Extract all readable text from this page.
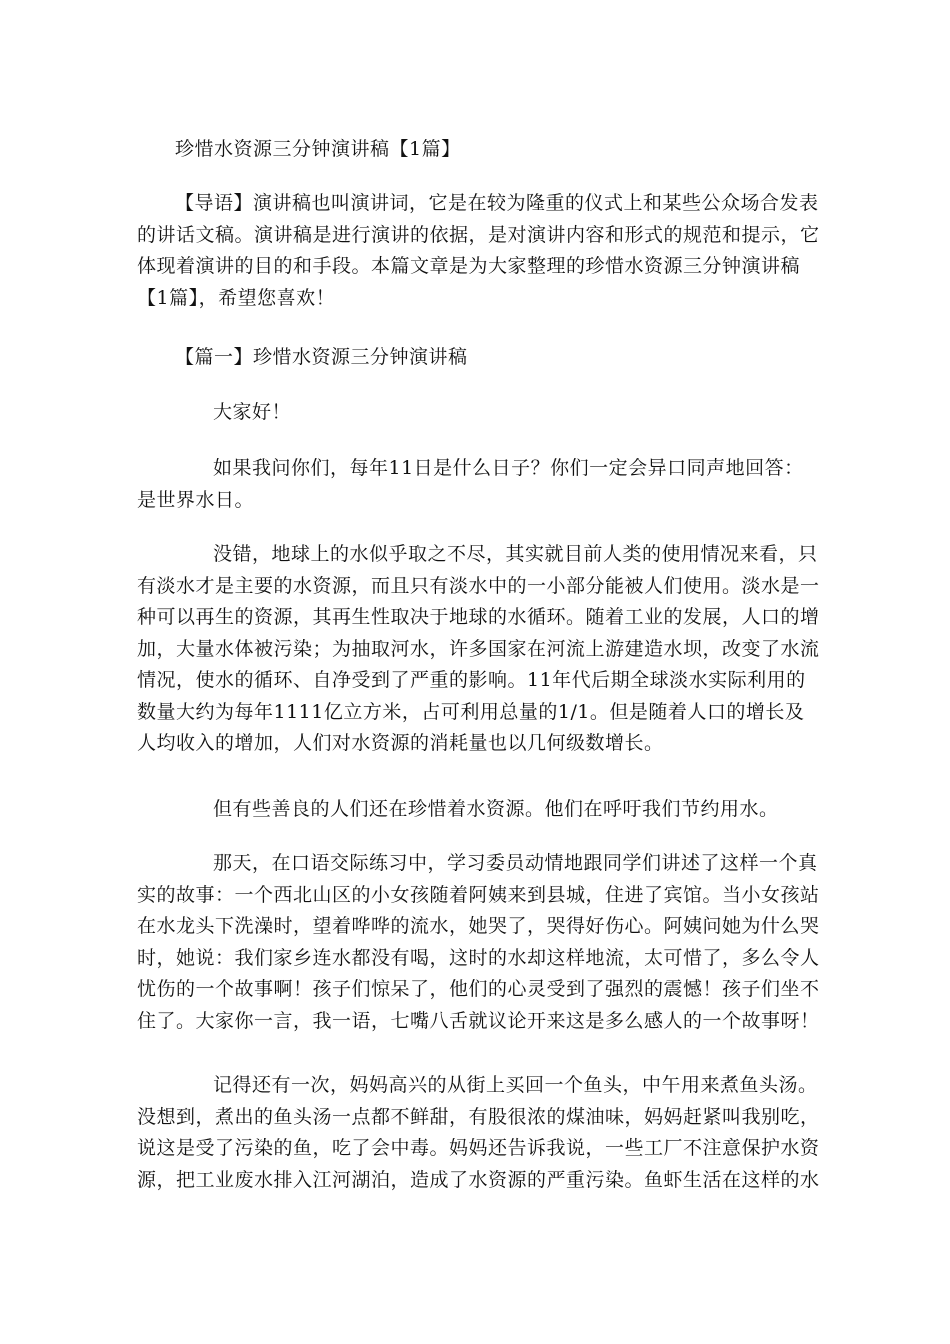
珍惜水资源三分钟演讲稿【1篇】

【导语】演讲稿也叫演讲词，它是在较为隆重的仪式上和某些公众场合发表的讲话文稿。演讲稿是进行演讲的依据，是对演讲内容和形式的规范和提示，它体现着演讲的目的和手段。本篇文章是为大家整理的珍惜水资源三分钟演讲稿【1篇】，希望您喜欢！

【篇一】珍惜水资源三分钟演讲稿
大家好！

如果我问你们，每年11日是什么日子？你们一定会异口同声地回答：是世界水日。

没错，地球上的水似乎取之不尽，其实就目前人类的使用情况来看，只有淡水才是主要的水资源，而且只有淡水中的一小部分能被人们使用。淡水是一种可以再生的资源，其再生性取决于地球的水循环。随着工业的发展，人口的增加，大量水体被污染；为抽取河水，许多国家在河流上游建造水坝，改变了水流情况，使水的循环、自净受到了严重的影响。11年代后期全球淡水实际利用的数量大约为每年1111亿立方米，占可利用总量的1/1。但是随着人口的增长及人均收入的增加，人们对水资源的消耗量也以几何级数增长。

但有些善良的人们还在珍惜着水资源。他们在呼吁我们节约用水。

那天，在口语交际练习中，学习委员动情地跟同学们讲述了这样一个真实的故事：一个西北山区的小女孩随着阿姨来到县城，住进了宾馆。当小女孩站在水龙头下洗澡时，望着哗哗的流水，她哭了，哭得好伤心。阿姨问她为什么哭时，她说：我们家乡连水都没有喝，这时的水却这样地流，太可惜了，多么令人忧伤的一个故事啊！孩子们惊呆了，他们的心灵受到了强烈的震憾！孩子们坐不住了。大家你一言，我一语，七嘴八舌就议论开来这是多么感人的一个故事呀！

记得还有一次，妈妈高兴的从街上买回一个鱼头，中午用来煮鱼头汤。没想到，煮出的鱼头汤一点都不鲜甜，有股很浓的煤油味，妈妈赶紧叫我别吃，说这是受了污染的鱼，吃了会中毒。妈妈还告诉我说，一些工厂不注意保护水资源，把工业废水排入江河湖泊，造成了水资源的严重污染。鱼虾生活在这样的水
